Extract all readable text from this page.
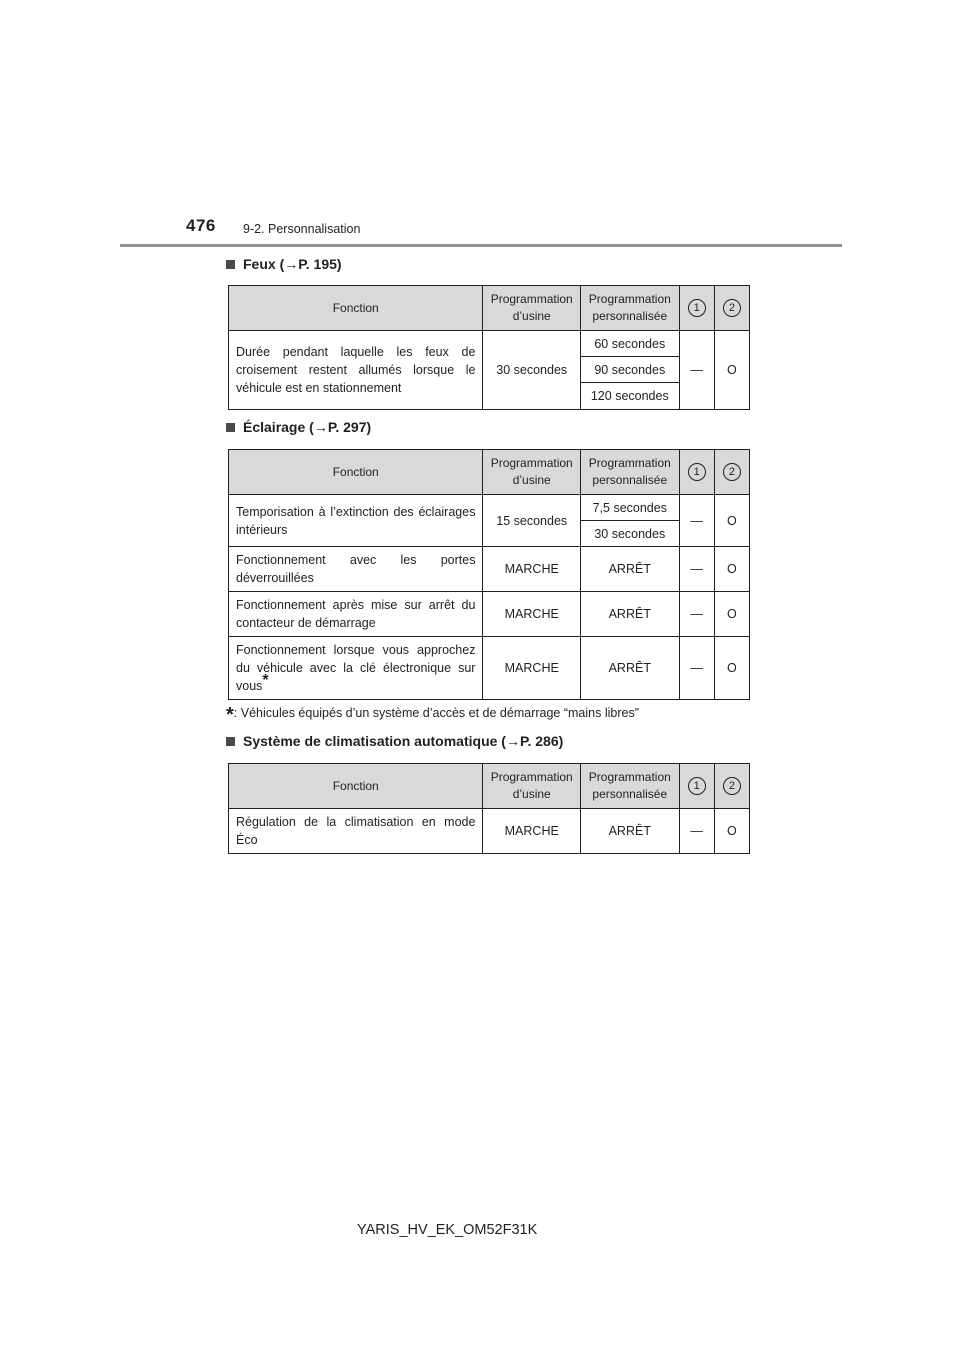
476 9-2. Personnalisation
Feux (→P. 195)
Fonction	Programmation d’usine	Programmation personnalisée	1	2
Durée pendant laquelle les feux de croisement restent allumés lorsque le véhicule est en stationnement	30 secondes	60 secondes	—	O
		90 secondes		
		120 secondes		
Éclairage (→P. 297)
Fonction	Programmation d’usine	Programmation personnalisée	1	2
Temporisation à l’extinction des éclairages intérieurs	15 secondes	7,5 secondes	—	O
		30 secondes		
Fonctionnement avec les portes déverrouillées	MARCHE	ARRÊT	—	O
Fonctionnement après mise sur arrêt du contacteur de démarrage	MARCHE	ARRÊT	—	O
Fonctionnement lorsque vous approchez du véhicule avec la clé électronique sur vous*	MARCHE	ARRÊT	—	O
*: Véhicules équipés d’un système d’accès et de démarrage “mains libres”
Système de climatisation automatique (→P. 286)
Fonction	Programmation d’usine	Programmation personnalisée	1	2
Régulation de la climatisation en mode Éco	MARCHE	ARRÊT	—	O
YARIS_HV_EK_OM52F31K
